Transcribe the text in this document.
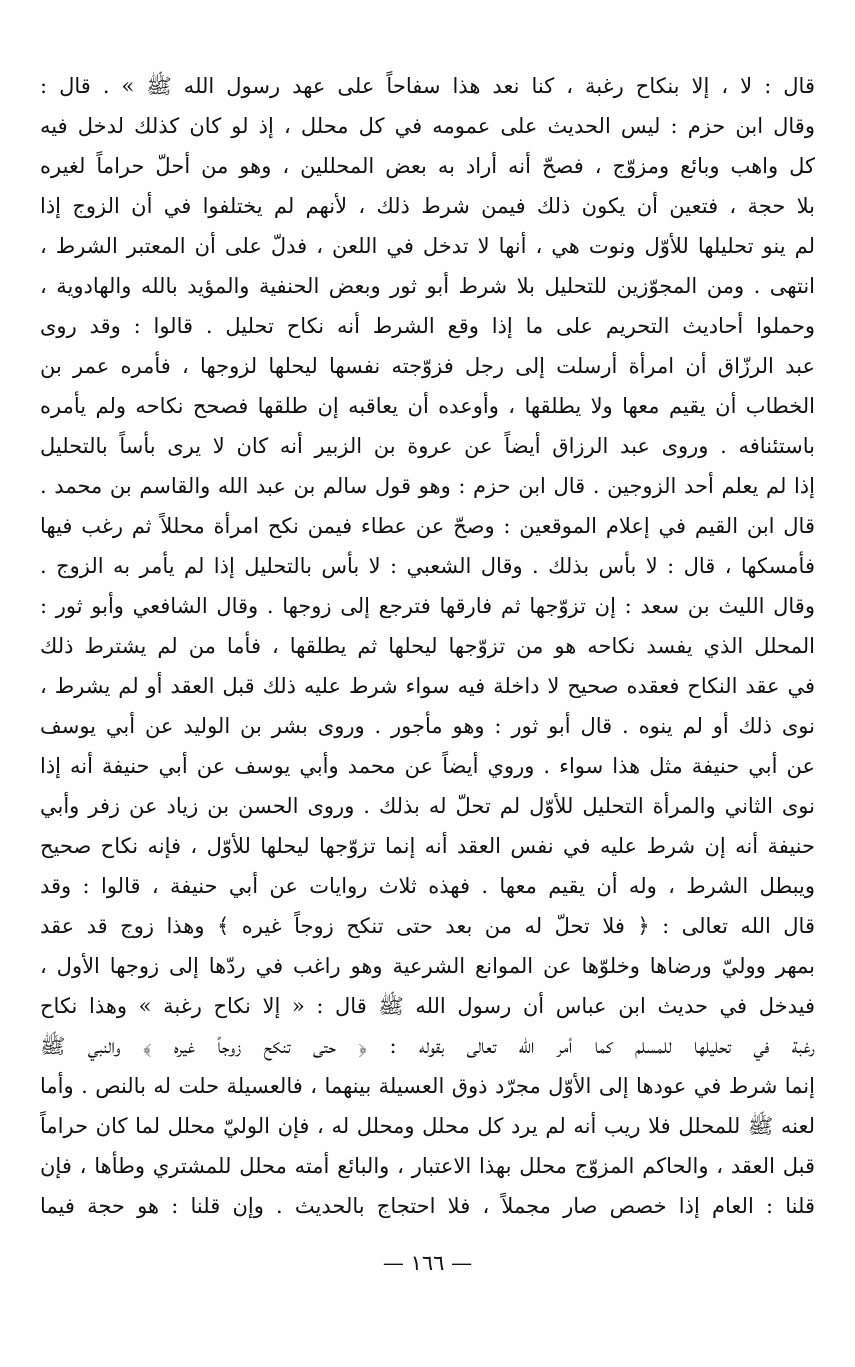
قال : لا ، إلا بنكاح رغبة ، كنا نعد هذا سفاحاً على عهد رسول الله ﷺ » . قال :
وقال ابن حزم : ليس الحديث على عمومه في كل محلل ، إذ لو كان كذلك لدخل فيه
كل واهب وبائع ومزوّج ، فصحّ أنه أراد به بعض المحللين ، وهو من أحلّ حراماً لغيره
بلا حجة ، فتعين أن يكون ذلك فيمن شرط ذلك ، لأنهم لم يختلفوا في أن الزوج إذا
لم ينو تحليلها للأوّل ونوت هي ، أنها لا تدخل في اللعن ، فدلّ على أن المعتبر الشرط ،
انتهى . ومن المجوّزين للتحليل بلا شرط أبو ثور وبعض الحنفية والمؤيد بالله والهادوية ،
وحملوا أحاديث التحريم على ما إذا وقع الشرط أنه نكاح تحليل . قالوا : وقد روى
عبد الرزّاق أن امرأة أرسلت إلى رجل فزوّجته نفسها ليحلها لزوجها ، فأمره عمر بن
الخطاب أن يقيم معها ولا يطلقها ، وأوعده أن يعاقبه إن طلقها فصحح نكاحه ولم يأمره
باستئنافه . وروى عبد الرزاق أيضاً عن عروة بن الزبير أنه كان لا يرى بأساً بالتحليل
إذا لم يعلم أحد الزوجين . قال ابن حزم : وهو قول سالم بن عبد الله والقاسم بن محمد .
قال ابن القيم في إعلام الموقعين : وصحّ عن عطاء فيمن نكح امرأة محللاً ثم رغب فيها
فأمسكها ، قال : لا بأس بذلك . وقال الشعبي : لا بأس بالتحليل إذا لم يأمر به الزوج .
وقال الليث بن سعد : إن تزوّجها ثم فارقها فترجع إلى زوجها . وقال الشافعي وأبو ثور :
المحلل الذي يفسد نكاحه هو من تزوّجها ليحلها ثم يطلقها ، فأما من لم يشترط ذلك
في عقد النكاح فعقده صحيح لا داخلة فيه سواء شرط عليه ذلك قبل العقد أو لم يشرط ،
نوى ذلك أو لم ينوه . قال أبو ثور : وهو مأجور . وروى بشر بن الوليد عن أبي يوسف
عن أبي حنيفة مثل هذا سواء . وروي أيضاً عن محمد وأبي يوسف عن أبي حنيفة أنه إذا
نوى الثاني والمرأة التحليل للأوّل لم تحلّ له بذلك . وروى الحسن بن زياد عن زفر وأبي
حنيفة أنه إن شرط عليه في نفس العقد أنه إنما تزوّجها ليحلها للأوّل ، فإنه نكاح صحيح
ويبطل الشرط ، وله أن يقيم معها . فهذه ثلاث روايات عن أبي حنيفة ، قالوا : وقد
قال الله تعالى : ﴿ فلا تحلّ له من بعد حتى تنكح زوجاً غيره ﴾ وهذا زوج قد عقد
بمهر ووليّ ورضاها وخلوّها عن الموانع الشرعية وهو راغب في ردّها إلى زوجها الأول ،
فيدخل في حديث ابن عباس أن رسول الله ﷺ قال : « إلا نكاح رغبة » وهذا نكاح
رغبة في تحليلها للمسلم كما أمر الله تعالى بقوله : ﴿ حتى تنكح زوجاً غيره ﴾ والنبي ﷺ
إنما شرط في عودها إلى الأوّل مجرّد ذوق العسيلة بينهما ، فالعسيلة حلت له بالنص . وأما
لعنه ﷺ للمحلل فلا ريب أنه لم يرد كل محلل ومحلل له ، فإن الوليّ محلل لما كان حراماً
قبل العقد ، والحاكم المزوّج محلل بهذا الاعتبار ، والبائع أمته محلل للمشتري وطأها ، فإن
قلنا : العام إذا خصص صار مجملاً ، فلا احتجاج بالحديث . وإن قلنا : هو حجة فيما
— ١٦٦ —
